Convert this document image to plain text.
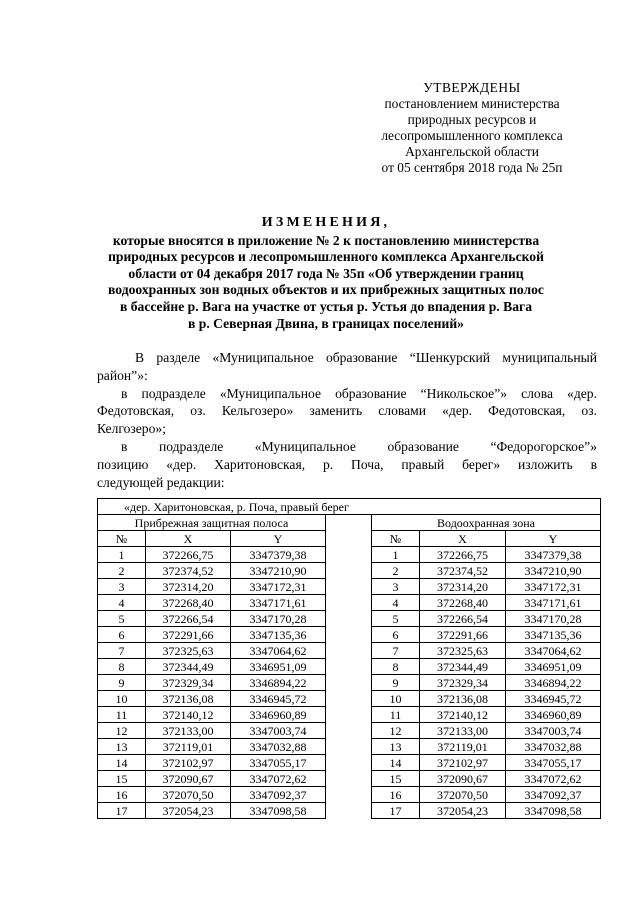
УТВЕРЖДЕНЫ
постановлением министерства
природных ресурсов и
лесопромышленного комплекса
Архангельской области
от 05 сентября 2018 года № 25п
ИЗМЕНЕНИЯ,
которые вносятся в приложение № 2 к постановлению министерства
природных ресурсов и лесопромышленного комплекса Архангельской
области от 04 декабря 2017 года № 35п «Об утверждении границ
водоохранных зон водных объектов и их прибрежных защитных полос
в бассейне р. Вага на участке от устья р. Устья до впадения р. Вага
в р. Северная Двина, в границах поселений»

В разделе «Муниципальное образование “Шенкурский муниципальный

район”»:

в подразделе «Муниципальное образование “Никольское”» слова «дер.

Федотовская, оз. Кельгозеро» заменить словами «дер. Федотовская, оз.

Келгозеро»;

в подразделе «Муниципальное образование “Федорогорское”»

позицию «дер. Харитоновская, р. Поча, правый берег» изложить в

следующей редакции:

«дер. Харитоновская, р. Поча, правый берег						
Прибрежная защитная полоса				Водоохранная зона		
№	X	Y		№	X	Y
1	372266,75	3347379,38		1	372266,75	3347379,38
2	372374,52	3347210,90		2	372374,52	3347210,90
3	372314,20	3347172,31		3	372314,20	3347172,31
4	372268,40	3347171,61		4	372268,40	3347171,61
5	372266,54	3347170,28		5	372266,54	3347170,28
6	372291,66	3347135,36		6	372291,66	3347135,36
7	372325,63	3347064,62		7	372325,63	3347064,62
8	372344,49	3346951,09		8	372344,49	3346951,09
9	372329,34	3346894,22		9	372329,34	3346894,22
10	372136,08	3346945,72		10	372136,08	3346945,72
11	372140,12	3346960,89		11	372140,12	3346960,89
12	372133,00	3347003,74		12	372133,00	3347003,74
13	372119,01	3347032,88		13	372119,01	3347032,88
14	372102,97	3347055,17		14	372102,97	3347055,17
15	372090,67	3347072,62		15	372090,67	3347072,62
16	372070,50	3347092,37		16	372070,50	3347092,37
17	372054,23	3347098,58		17	372054,23	3347098,58
